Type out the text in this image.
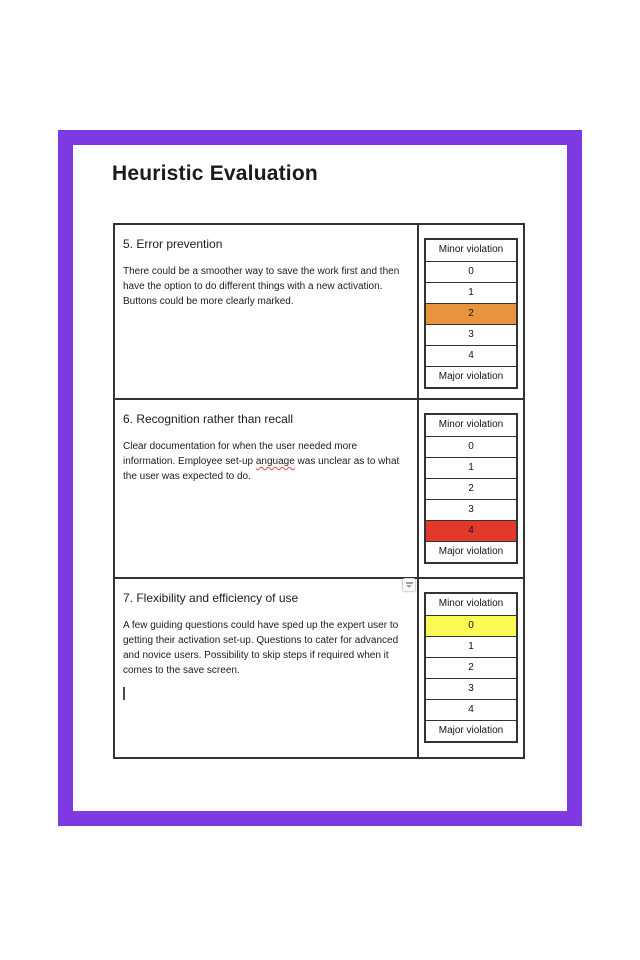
Heuristic Evaluation
5. Error prevention
There could be a smoother way to save the work first and then have the option to do different things with a new activation. Buttons could be more clearly marked.
Minor violation
0
1
2
3
4
Major violation
6. Recognition rather than recall
Clear documentation for when the user needed more information. Employee set-up anguage was unclear as to what the user was expected to do.
Minor violation
0
1
2
3
4
Major violation
7. Flexibility and efficiency of use
A few guiding questions could have sped up the expert user to getting their activation set-up. Questions to cater for advanced and novice users. Possibility to skip steps if required when it comes to the save screen.
Minor violation
0
1
2
3
4
Major violation
